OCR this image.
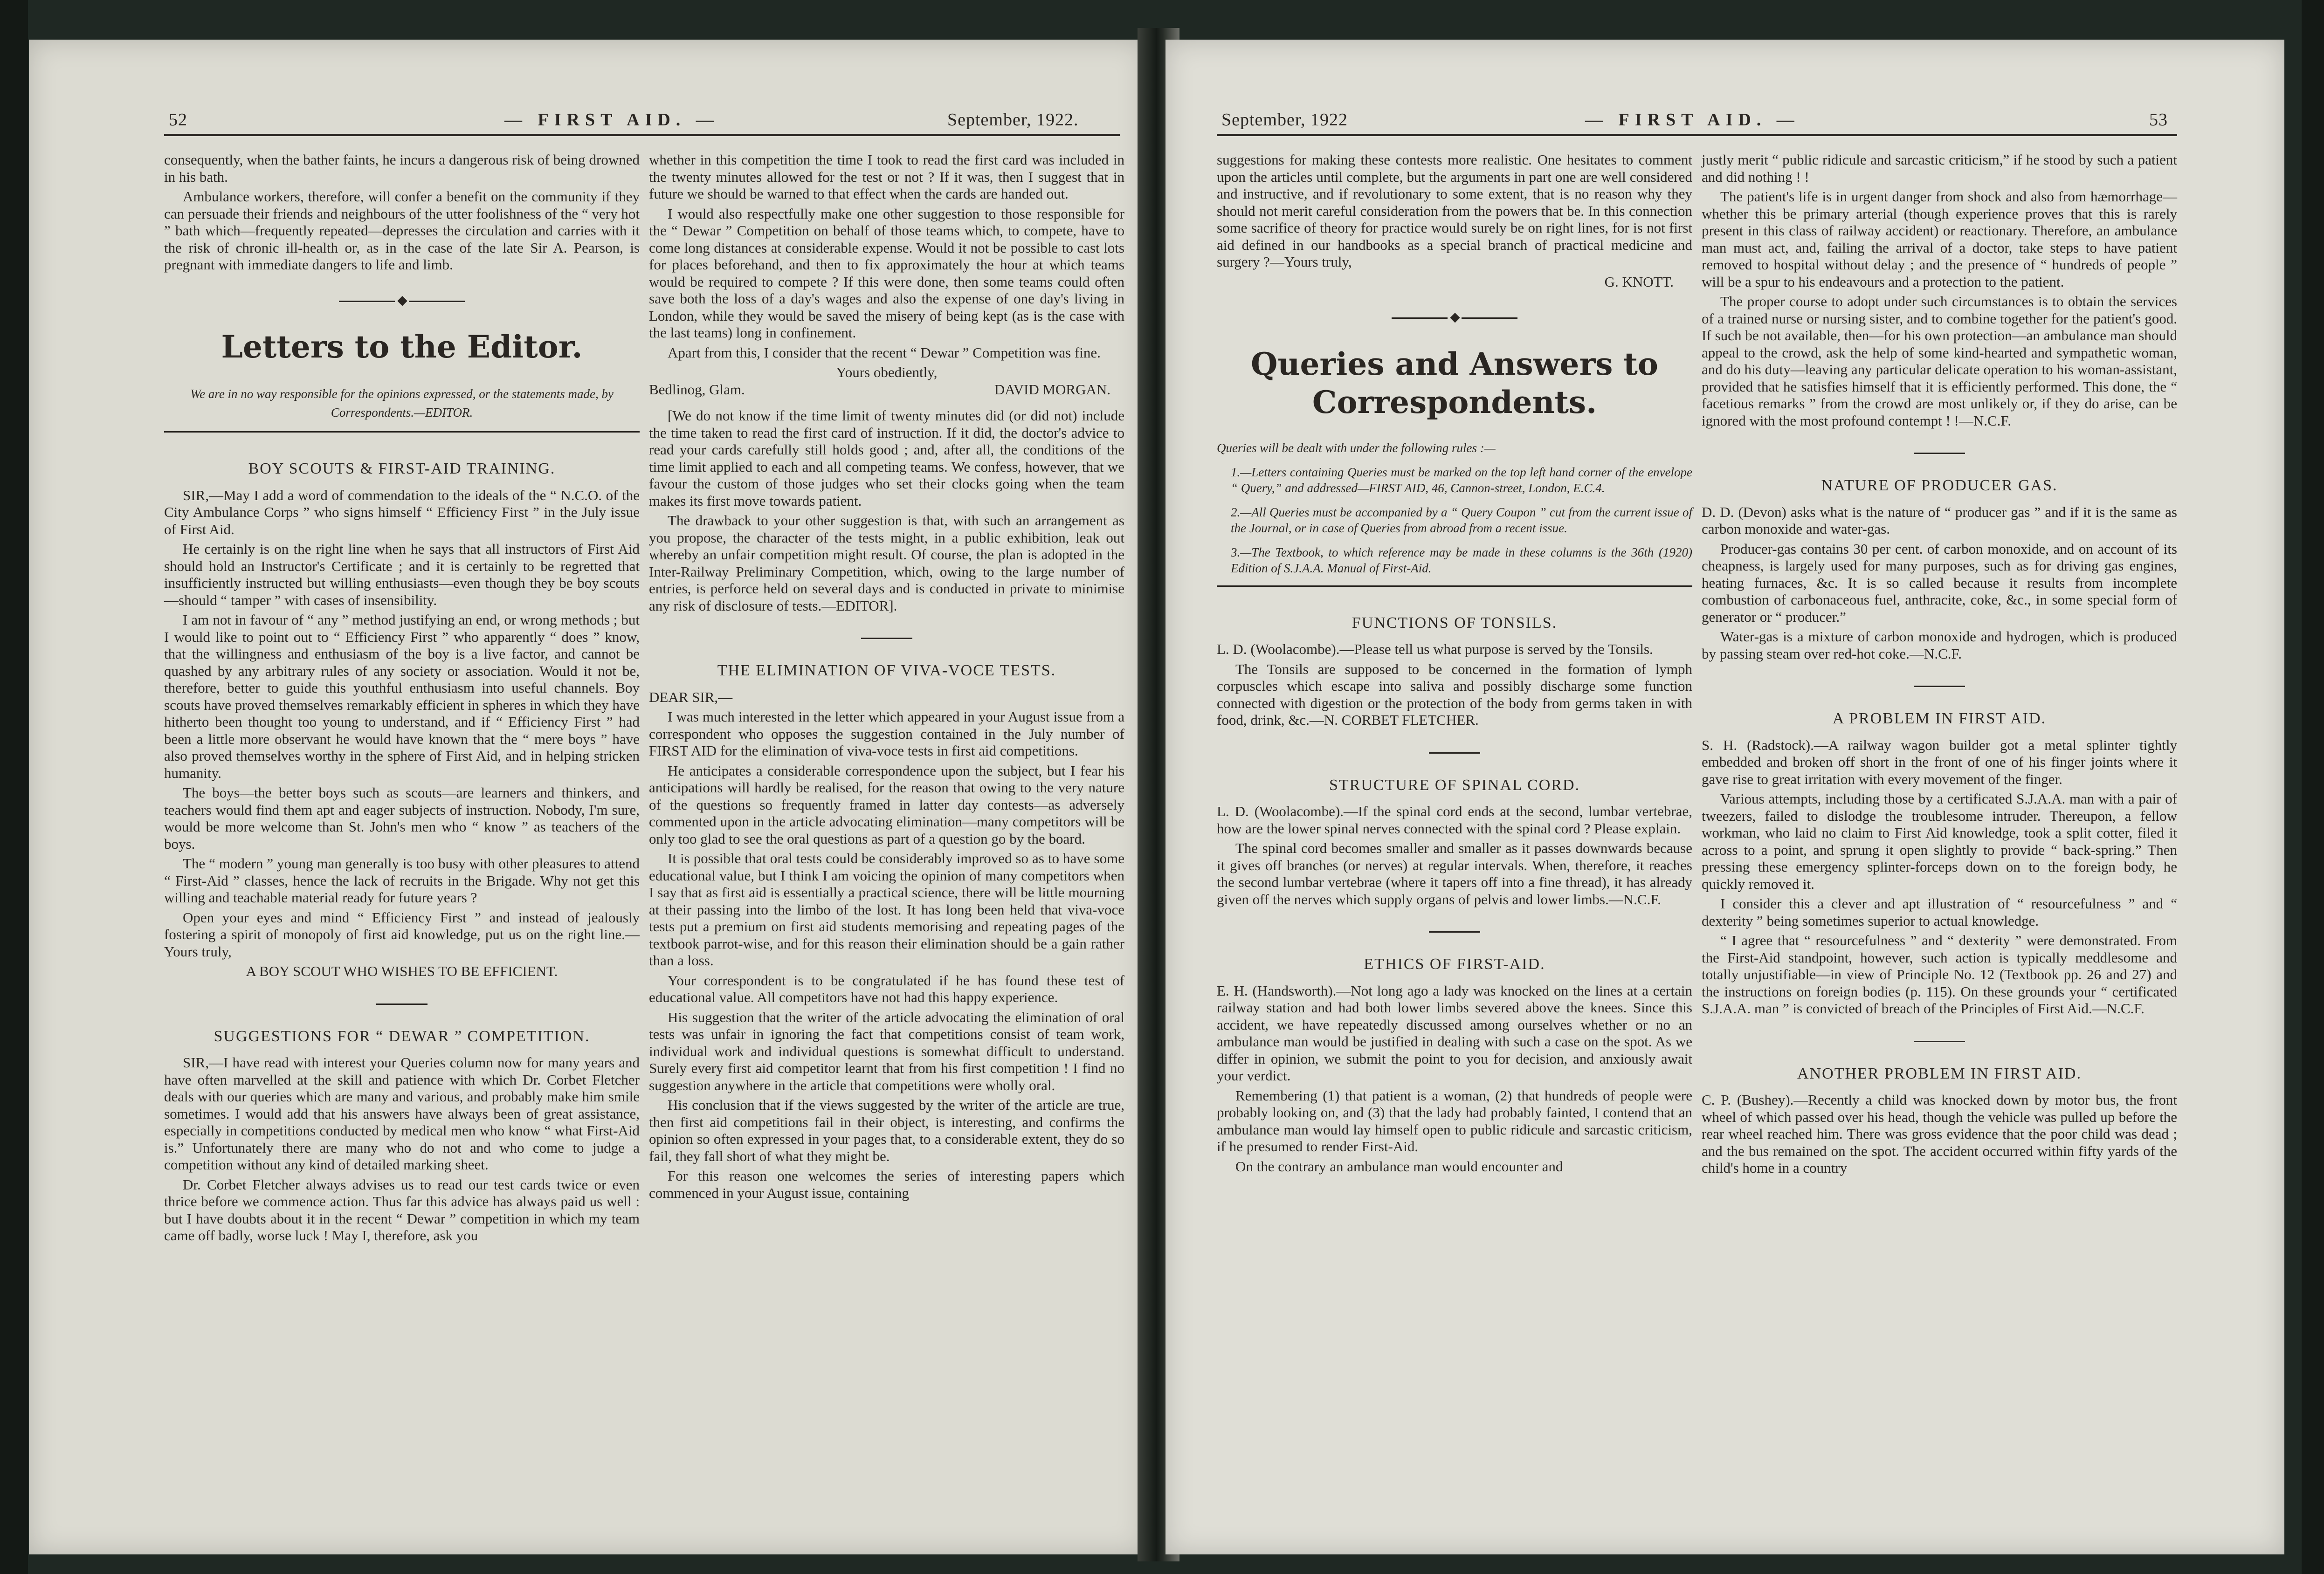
52	— FIRST AID. —	September, 1922.

consequently, when the bather faints, he incurs a dangerous risk of being drowned in his bath.

Ambulance workers, therefore, will confer a benefit on the community if they can persuade their friends and neighbours of the utter foolishness of the “ very hot ” bath which—frequently repeated—depresses the circulation and carries with it the risk of chronic ill-health or, as in the case of the late Sir A. Pearson, is pregnant with immediate dangers to life and limb.

◆
Letters to the Editor.
We are in no way responsible for the opinions expressed, or the statements made, by Correspondents.—EDITOR.
BOY SCOUTS & FIRST-AID TRAINING.

SIR,—May I add a word of commendation to the ideals of the “ N.C.O. of the City Ambulance Corps ” who signs himself “ Efficiency First ” in the July issue of First Aid.

He certainly is on the right line when he says that all instructors of First Aid should hold an Instructor's Certificate ; and it is certainly to be regretted that insufficiently instructed but willing enthusiasts—even though they be boy scouts—should “ tamper ” with cases of insensibility.

I am not in favour of “ any ” method justifying an end, or wrong methods ; but I would like to point out to “ Efficiency First ” who apparently “ does ” know, that the willingness and enthusiasm of the boy is a live factor, and cannot be quashed by any arbitrary rules of any society or association. Would it not be, therefore, better to guide this youthful enthusiasm into useful channels. Boy scouts have proved themselves remarkably efficient in spheres in which they have hitherto been thought too young to understand, and if “ Efficiency First ” had been a little more observant he would have known that the “ mere boys ” have also proved themselves worthy in the sphere of First Aid, and in helping stricken humanity.

The boys—the better boys such as scouts—are learners and thinkers, and teachers would find them apt and eager subjects of instruction. Nobody, I'm sure, would be more welcome than St. John's men who “ know ” as teachers of the boys.

The “ modern ” young man generally is too busy with other pleasures to attend “ First-Aid ” classes, hence the lack of recruits in the Brigade. Why not get this willing and teachable material ready for future years ?

Open your eyes and mind “ Efficiency First ” and instead of jealously fostering a spirit of monopoly of first aid knowledge, put us on the right line.—Yours truly,

A BOY SCOUT WHO WISHES TO BE EFFICIENT.
SUGGESTIONS FOR “ DEWAR ” COMPETITION.

SIR,—I have read with interest your Queries column now for many years and have often marvelled at the skill and patience with which Dr. Corbet Fletcher deals with our queries which are many and various, and probably make him smile sometimes. I would add that his answers have always been of great assistance, especially in competitions conducted by medical men who know “ what First-Aid is.” Unfortunately there are many who do not and who come to judge a competition without any kind of detailed marking sheet.

Dr. Corbet Fletcher always advises us to read our test cards twice or even thrice before we commence action. Thus far this advice has always paid us well : but I have doubts about it in the recent “ Dewar ” competition in which my team came off badly, worse luck ! May I, therefore, ask you

whether in this competition the time I took to read the first card was included in the twenty minutes allowed for the test or not ? If it was, then I suggest that in future we should be warned to that effect when the cards are handed out.

I would also respectfully make one other suggestion to those responsible for the “ Dewar ” Competition on behalf of those teams which, to compete, have to come long distances at considerable expense. Would it not be possible to cast lots for places beforehand, and then to fix approximately the hour at which teams would be required to compete ? If this were done, then some teams could often save both the loss of a day's wages and also the expense of one day's living in London, while they would be saved the misery of being kept (as is the case with the last teams) long in confinement.

Apart from this, I consider that the recent “ Dewar ” Competition was fine.

Yours obediently,
Bedlinog, Glam.	DAVID MORGAN.

[We do not know if the time limit of twenty minutes did (or did not) include the time taken to read the first card of instruction. If it did, the doctor's advice to read your cards carefully still holds good ; and, after all, the conditions of the time limit applied to each and all competing teams. We confess, however, that we favour the custom of those judges who set their clocks going when the team makes its first move towards patient.

The drawback to your other suggestion is that, with such an arrangement as you propose, the character of the tests might, in a public exhibition, leak out whereby an unfair competition might result. Of course, the plan is adopted in the Inter-Railway Preliminary Competition, which, owing to the large number of entries, is perforce held on several days and is conducted in private to minimise any risk of disclosure of tests.—EDITOR].

THE ELIMINATION OF VIVA-VOCE TESTS.

DEAR SIR,—

I was much interested in the letter which appeared in your August issue from a correspondent who opposes the suggestion contained in the July number of FIRST AID for the elimination of viva-voce tests in first aid competitions.

He anticipates a considerable correspondence upon the subject, but I fear his anticipations will hardly be realised, for the reason that owing to the very nature of the questions so frequently framed in latter day contests—as adversely commented upon in the article advocating elimination—many competitors will be only too glad to see the oral questions as part of a question go by the board.

It is possible that oral tests could be considerably improved so as to have some educational value, but I think I am voicing the opinion of many competitors when I say that as first aid is essentially a practical science, there will be little mourning at their passing into the limbo of the lost. It has long been held that viva-voce tests put a premium on first aid students memorising and repeating pages of the textbook parrot-wise, and for this reason their elimination should be a gain rather than a loss.

Your correspondent is to be congratulated if he has found these test of educational value. All competitors have not had this happy experience.

His suggestion that the writer of the article advocating the elimination of oral tests was unfair in ignoring the fact that competitions consist of team work, individual work and individual questions is somewhat difficult to understand. Surely every first aid competitor learnt that from his first competition ! I find no suggestion anywhere in the article that competitions were wholly oral.

His conclusion that if the views suggested by the writer of the article are true, then first aid competitions fail in their object, is interesting, and confirms the opinion so often expressed in your pages that, to a considerable extent, they do so fail, they fall short of what they might be.

For this reason one welcomes the series of interesting papers which commenced in your August issue, containing

September, 1922	— FIRST AID. —	53

suggestions for making these contests more realistic. One hesitates to comment upon the articles until complete, but the arguments in part one are well considered and instructive, and if revolutionary to some extent, that is no reason why they should not merit careful consideration from the powers that be. In this connection some sacrifice of theory for practice would surely be on right lines, for is not first aid defined in our handbooks as a special branch of practical medicine and surgery ?—Yours truly,

G. KNOTT.
◆
Queries and Answers to Correspondents.

Queries will be dealt with under the following rules :—

1.—Letters containing Queries must be marked on the top left hand corner of the envelope “ Query,” and addressed—FIRST AID, 46, Cannon-street, London, E.C.4.

2.—All Queries must be accompanied by a “ Query Coupon ” cut from the current issue of the Journal, or in case of Queries from abroad from a recent issue.

3.—The Textbook, to which reference may be made in these columns is the 36th (1920) Edition of S.J.A.A. Manual of First-Aid.

FUNCTIONS OF TONSILS.

L. D. (Woolacombe).—Please tell us what purpose is served by the Tonsils.

The Tonsils are supposed to be concerned in the formation of lymph corpuscles which escape into saliva and possibly discharge some function connected with digestion or the protection of the body from germs taken in with food, drink, &c.—N. CORBET FLETCHER.

STRUCTURE OF SPINAL CORD.

L. D. (Woolacombe).—If the spinal cord ends at the second, lumbar vertebrae, how are the lower spinal nerves connected with the spinal cord ? Please explain.

The spinal cord becomes smaller and smaller as it passes downwards because it gives off branches (or nerves) at regular intervals. When, therefore, it reaches the second lumbar vertebrae (where it tapers off into a fine thread), it has already given off the nerves which supply organs of pelvis and lower limbs.—N.C.F.

ETHICS OF FIRST-AID.

E. H. (Handsworth).—Not long ago a lady was knocked on the lines at a certain railway station and had both lower limbs severed above the knees. Since this accident, we have repeatedly discussed among ourselves whether or no an ambulance man would be justified in dealing with such a case on the spot. As we differ in opinion, we submit the point to you for decision, and anxiously await your verdict.

Remembering (1) that patient is a woman, (2) that hundreds of people were probably looking on, and (3) that the lady had probably fainted, I contend that an ambulance man would lay himself open to public ridicule and sarcastic criticism, if he presumed to render First-Aid.

On the contrary an ambulance man would encounter and

justly merit “ public ridicule and sarcastic criticism,” if he stood by such a patient and did nothing ! !

The patient's life is in urgent danger from shock and also from hæmorrhage—whether this be primary arterial (though experience proves that this is rarely present in this class of railway accident) or reactionary. Therefore, an ambulance man must act, and, failing the arrival of a doctor, take steps to have patient removed to hospital without delay ; and the presence of “ hundreds of people ” will be a spur to his endeavours and a protection to the patient.

The proper course to adopt under such circumstances is to obtain the services of a trained nurse or nursing sister, and to combine together for the patient's good. If such be not available, then—for his own protection—an ambulance man should appeal to the crowd, ask the help of some kind-hearted and sympathetic woman, and do his duty—leaving any particular delicate operation to his woman-assistant, provided that he satisfies himself that it is efficiently performed. This done, the “ facetious remarks ” from the crowd are most unlikely or, if they do arise, can be ignored with the most profound contempt ! !—N.C.F.

NATURE OF PRODUCER GAS.

D. D. (Devon) asks what is the nature of “ producer gas ” and if it is the same as carbon monoxide and water-gas.

Producer-gas contains 30 per cent. of carbon monoxide, and on account of its cheapness, is largely used for many purposes, such as for driving gas engines, heating furnaces, &c. It is so called because it results from incomplete combustion of carbonaceous fuel, anthracite, coke, &c., in some special form of generator or “ producer.”

Water-gas is a mixture of carbon monoxide and hydrogen, which is produced by passing steam over red-hot coke.—N.C.F.

A PROBLEM IN FIRST AID.

S. H. (Radstock).—A railway wagon builder got a metal splinter tightly embedded and broken off short in the front of one of his finger joints where it gave rise to great irritation with every movement of the finger.

Various attempts, including those by a certificated S.J.A.A. man with a pair of tweezers, failed to dislodge the troublesome intruder. Thereupon, a fellow workman, who laid no claim to First Aid knowledge, took a split cotter, filed it across to a point, and sprung it open slightly to provide “ back-spring.” Then pressing these emergency splinter-forceps down on to the foreign body, he quickly removed it.

I consider this a clever and apt illustration of “ resourcefulness ” and “ dexterity ” being sometimes superior to actual knowledge.

“ I agree that “ resourcefulness ” and “ dexterity ” were demonstrated. From the First-Aid standpoint, however, such action is typically meddlesome and totally unjustifiable—in view of Principle No. 12 (Textbook pp. 26 and 27) and the instructions on foreign bodies (p. 115). On these grounds your “ certificated S.J.A.A. man ” is convicted of breach of the Principles of First Aid.—N.C.F.

ANOTHER PROBLEM IN FIRST AID.

C. P. (Bushey).—Recently a child was knocked down by motor bus, the front wheel of which passed over his head, though the vehicle was pulled up before the rear wheel reached him. There was gross evidence that the poor child was dead ; and the bus remained on the spot. The accident occurred within fifty yards of the child's home in a country
